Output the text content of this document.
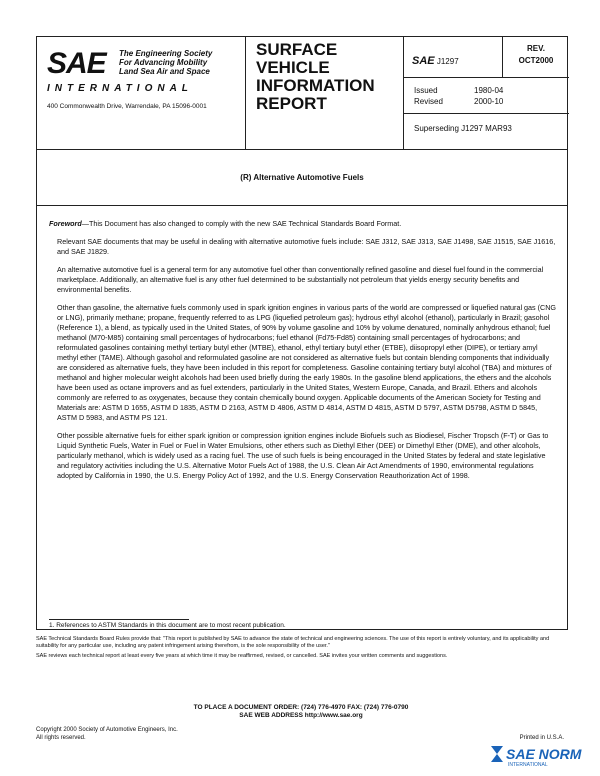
SAE The Engineering Society
For Advancing Mobility
Land Sea Air and Space
INTERNATIONAL
400 Commonwealth Drive, Warrendale, PA 15096-0001
SURFACE
VEHICLE
INFORMATION
REPORT
SAE J1297
REV.
OCT2000
Issued	1980-04
Revised	2000-10
Superseding J1297 MAR93
(R) Alternative Automotive Fuels

Foreword—This Document has also changed to comply with the new SAE Technical Standards Board Format.

Relevant SAE documents that may be useful in dealing with alternative automotive fuels include: SAE J312, SAE J313, SAE J1498, SAE J1515, SAE J1616, and SAE J1829.

An alternative automotive fuel is a general term for any automotive fuel other than conventionally refined gasoline and diesel fuel found in the commercial marketplace. Additionally, an alternative fuel is any other fuel determined to be substantially not petroleum that yields energy security benefits and environmental benefits.

Other than gasoline, the alternative fuels commonly used in spark ignition engines in various parts of the world are compressed or liquefied natural gas (CNG or LNG), primarily methane; propane, frequently referred to as LPG (liquefied petroleum gas); hydrous ethyl alcohol (ethanol), particularly in Brazil; gasohol (Reference 1), a blend, as typically used in the United States, of 90% by volume gasoline and 10% by volume denatured, nominally anhydrous ethanol; fuel methanol (M70-M85) containing small percentages of hydrocarbons; fuel ethanol (Fd75-Fd85) containing small percentages of hydrocarbons; and reformulated gasolines containing methyl tertiary butyl ether (MTBE), ethanol, ethyl tertiary butyl ether (ETBE), diisopropyl ether (DIPE), or tertiary amyl methyl ether (TAME). Although gasohol and reformulated gasoline are not considered as alternative fuels but contain blending components that individually are considered as alternative fuels, they have been included in this report for completeness. Gasoline containing tertiary butyl alcohol (TBA) and mixtures of methanol and higher molecular weight alcohols had been used briefly during the early 1980s. In the gasoline blend applications, the ethers and the alcohols have been used as octane improvers and as fuel extenders, particularly in the United States, Western Europe, Canada, and Brazil. Ethers and alcohols commonly are referred to as oxygenates, because they contain chemically bound oxygen. Applicable documents of the American Society for Testing and Materials are: ASTM D 1655, ASTM D 1835, ASTM D 2163, ASTM D 4806, ASTM D 4814, ASTM D 4815, ASTM D 5797, ASTM D5798, ASTM D 5845, ASTM D 5983, and ASTM PS 121.

Other possible alternative fuels for either spark ignition or compression ignition engines include Biofuels such as Biodiesel, Fischer Tropsch (F-T) or Gas to Liquid Synthetic Fuels, Water in Fuel or Fuel in Water Emulsions, other ethers such as Diethyl Ether (DEE) or Dimethyl Ether (DME), and other alcohols, particularly methanol, which is widely used as a racing fuel. The use of such fuels is being encouraged in the United States by federal and state legislative and regulatory activities including the U.S. Alternative Motor Fuels Act of 1988, the U.S. Clean Air Act Amendments of 1990, environmental regulations adopted by California in 1990, the U.S. Energy Policy Act of 1992, and the U.S. Energy Conservation Reauthorization Act of 1998.

1. References to ASTM Standards in this document are to most recent publication.
SAE Technical Standards Board Rules provide that: "This report is published by SAE to advance the state of technical and engineering sciences. The use of this report is entirely voluntary, and its applicability and suitability for any particular use, including any patent infringement arising therefrom, is the sole responsibility of the user."
SAE reviews each technical report at least every five years at which time it may be reaffirmed, revised, or cancelled. SAE invites your written comments and suggestions.
TO PLACE A DOCUMENT ORDER: (724) 776-4970 FAX: (724) 776-0790
SAE WEB ADDRESS http://www.sae.org
Copyright 2000 Society of Automotive Engineers, Inc.
All rights reserved.	Printed in U.S.A.
SAE NORM
INTERNATIONAL
